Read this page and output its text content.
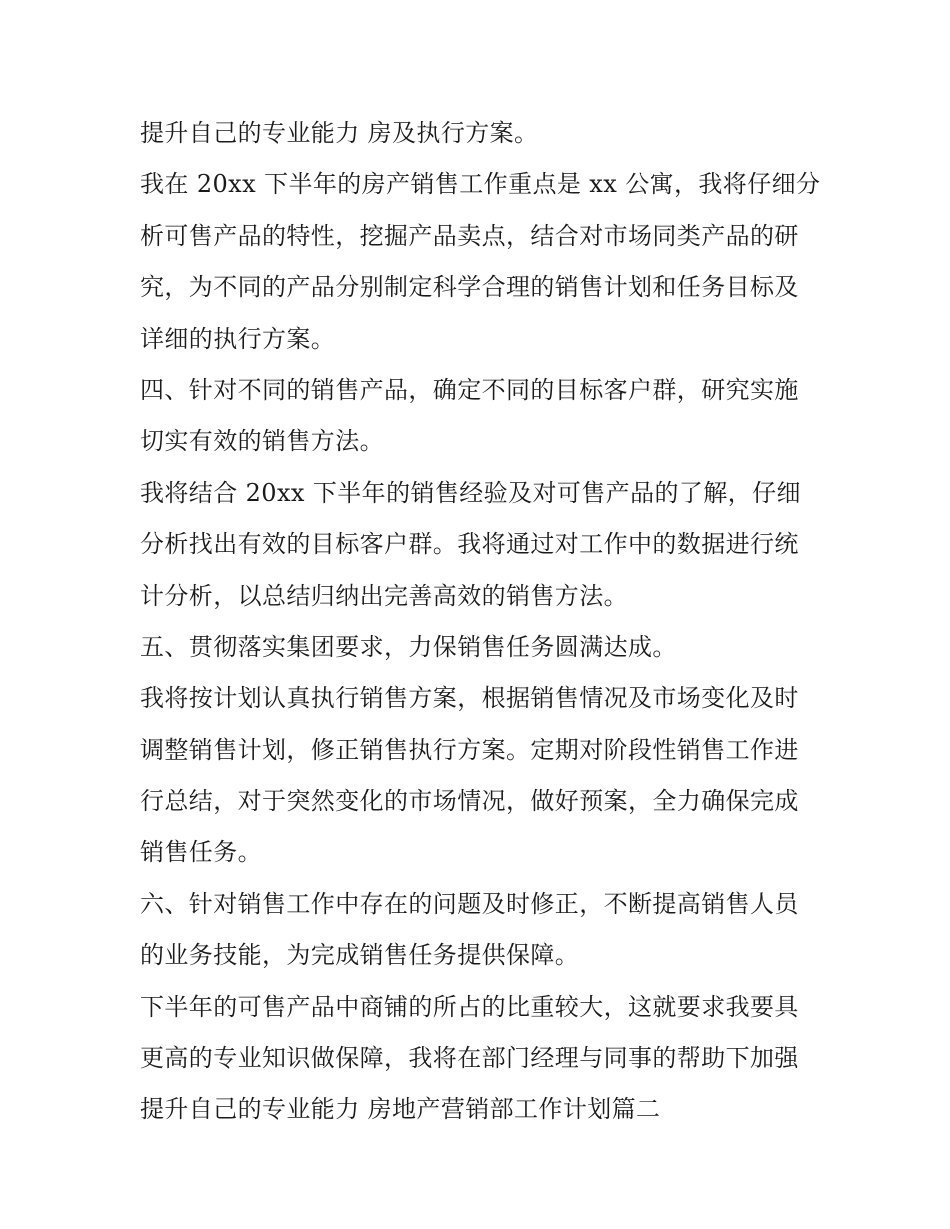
提升自己的专业能力 房及执行方案。
我在 20xx 下半年的房产销售工作重点是 xx 公寓，我将仔细分
析可售产品的特性，挖掘产品卖点，结合对市场同类产品的研
究，为不同的产品分别制定科学合理的销售计划和任务目标及
详细的执行方案。
四、针对不同的销售产品，确定不同的目标客户群，研究实施
切实有效的销售方法。
我将结合 20xx 下半年的销售经验及对可售产品的了解，仔细
分析找出有效的目标客户群。我将通过对工作中的数据进行统
计分析，以总结归纳出完善高效的销售方法。
五、贯彻落实集团要求，力保销售任务圆满达成。
我将按计划认真执行销售方案，根据销售情况及市场变化及时
调整销售计划，修正销售执行方案。定期对阶段性销售工作进
行总结，对于突然变化的市场情况，做好预案，全力确保完成
销售任务。
六、针对销售工作中存在的问题及时修正，不断提高销售人员
的业务技能，为完成销售任务提供保障。
下半年的可售产品中商铺的所占的比重较大，这就要求我要具
更高的专业知识做保障，我将在部门经理与同事的帮助下加强
提升自己的专业能力 房地产营销部工作计划篇二
